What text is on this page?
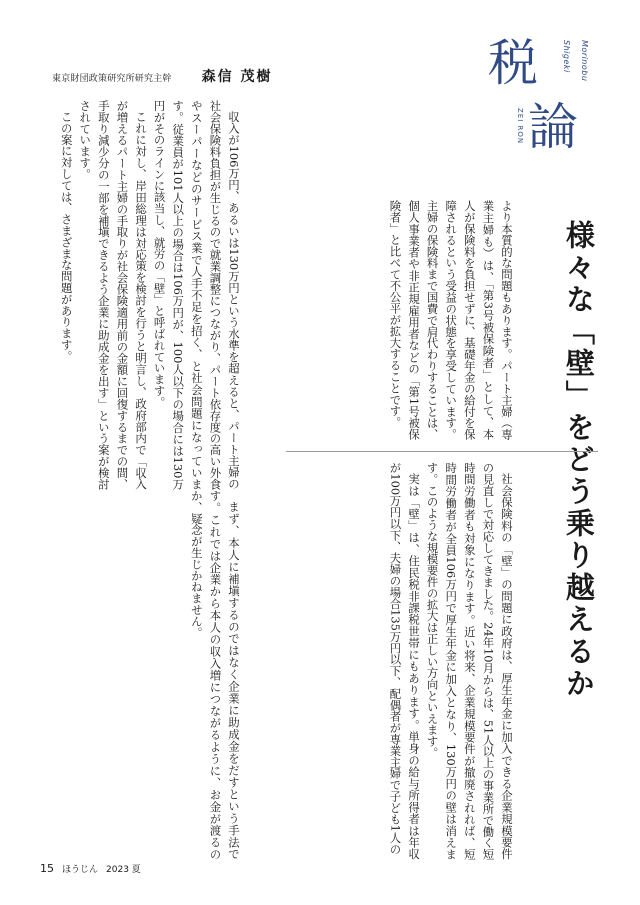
東京財団政策研究所研究主幹 森信 茂樹	税	Shigeki Morinobu
ZEI RON 論
様々な「壁」をどう乗り越えるか

収入が106万円、あるいは130万円という水準を超えると、パート主婦の社会保険料負担が生じるので就業調整につながり、パート依存度の高い外食やスーパーなどのサービス業で人手不足を招く、と社会問題になっています。従業員が101人以上の場合は106万円が、100人以下の場合には130万円がそのラインに該当し、就労の「壁」と呼ばれています。

これに対し、岸田総理は対応策を検討を行うと明言し、政府部内で「収入が増えるパート主婦の手取りが社会保険適用前の金額に回復するまでの間、手取り減少分の一部を補塡できるよう企業に助成金を出す」という案が検討されています。

この案に対しては、さまざまな問題があります。

まず、本人に補塡するのではなく企業に助成金をだすという手法です。これでは企業から本人の収入増につながるように、お金が渡るのか、疑念が生じかねません。

より本質的な問題もあります。パート主婦（専業主婦も）は、「第3号被保険者」として、本人が保険料を負担せずに、基礎年金の給付を保障されるという受益の状態を享受しています。主婦の保険料まで国費で肩代わりすることは、個人事業者や非正規雇用者などの「第1号被保険者」と比べて不公平が拡大することです。

社会保険料の「壁」の問題に政府は、厚生年金に加入できる企業規模要件の見直しで対応してきました。24年10月からは、51人以上の事業所で働く短時間労働者も対象になります。近い将来、企業規模要件が撤廃されれば、短時間労働者が全員106万円で厚生年金に加入となり、130万円の壁は消えます。このような規模要件の拡大は正しい方向といえます。

実は「壁」は、住民税非課税世帯にもあります。単身の給与所得者は年収が100万円以下、夫婦の場合135万円以下、配偶者が専業主婦で子ども1人の

15 ほうじん 2023 夏
